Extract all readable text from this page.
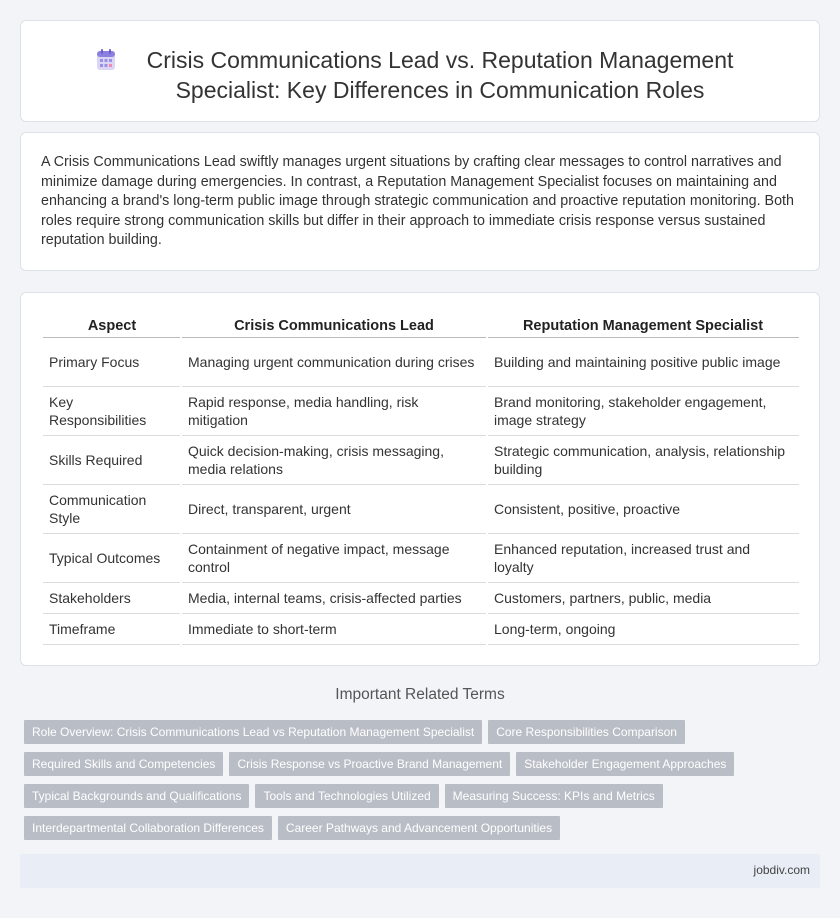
Crisis Communications Lead vs. Reputation Management Specialist: Key Differences in Communication Roles

A Crisis Communications Lead swiftly manages urgent situations by crafting clear messages to control narratives and minimize damage during emergencies. In contrast, a Reputation Management Specialist focuses on maintaining and enhancing a brand's long-term public image through strategic communication and proactive reputation monitoring. Both roles require strong communication skills but differ in their approach to immediate crisis response versus sustained reputation building.

Aspect	Crisis Communications Lead	Reputation Management Specialist
Primary Focus	Managing urgent communication during crises	Building and maintaining positive public image
Key Responsibilities	Rapid response, media handling, risk mitigation	Brand monitoring, stakeholder engagement, image strategy
Skills Required	Quick decision-making, crisis messaging, media relations	Strategic communication, analysis, relationship building
Communication Style	Direct, transparent, urgent	Consistent, positive, proactive
Typical Outcomes	Containment of negative impact, message control	Enhanced reputation, increased trust and loyalty
Stakeholders	Media, internal teams, crisis-affected parties	Customers, partners, public, media
Timeframe	Immediate to short-term	Long-term, ongoing
Important Related Terms
Role Overview: Crisis Communications Lead vs Reputation Management Specialist	Core Responsibilities Comparison
Required Skills and Competencies	Crisis Response vs Proactive Brand Management	Stakeholder Engagement Approaches
Typical Backgrounds and Qualifications	Tools and Technologies Utilized	Measuring Success: KPIs and Metrics
Interdepartmental Collaboration Differences	Career Pathways and Advancement Opportunities
jobdiv.com
